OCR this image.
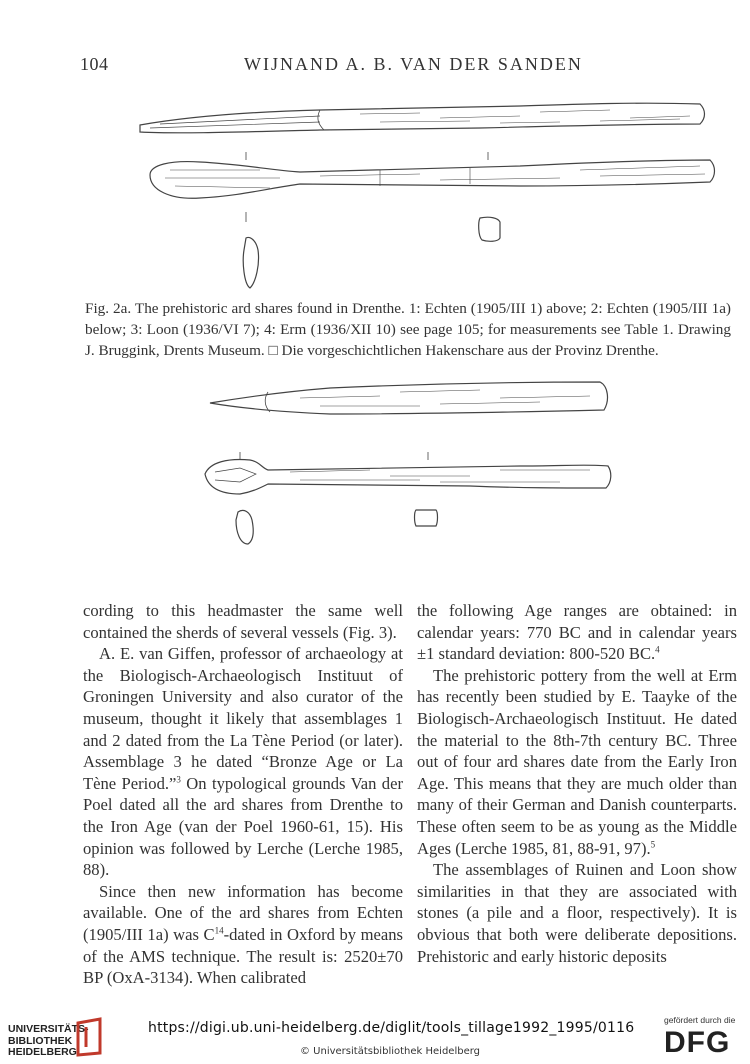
104	WIJNAND A. B. VAN DER SANDEN
Fig. 2a. The prehistoric ard shares found in Drenthe. 1: Echten (1905/III 1) above; 2: Echten (1905/III 1a) below; 3: Loon (1936/VI 7); 4: Erm (1936/XII 10) see page 105; for measurements see Table 1. Drawing J. Bruggink, Drents Museum. □ Die vorgeschichtlichen Hakenschare aus der Provinz Drenthe.

cording to this headmaster the same well contained the sherds of several vessels (Fig. 3).

A. E. van Giffen, professor of archaeology at the Biologisch-Archaeologisch Instituut of Groningen University and also curator of the museum, thought it likely that assemblages 1 and 2 dated from the La Tène Period (or later). Assemblage 3 he dated “Bronze Age or La Tène Period.”$^3$ On typological grounds Van der Poel dated all the ard shares from Drenthe to the Iron Age (van der Poel 1960-61, 15). His opinion was followed by Lerche (Lerche 1985, 88).

Since then new information has become available. One of the ard shares from Echten (1905/III 1a) was $C^{14}$-dated in Oxford by means of the AMS technique. The result is: 2520±70 BP (OxA-3134). When calibrated

the following Age ranges are obtained: in calendar years: 770 BC and in calendar years ±1 standard deviation: 800-520 BC.$^4$

The prehistoric pottery from the well at Erm has recently been studied by E. Taayke of the Biologisch-Archaeologisch Instituut. He dated the material to the 8th-7th century BC. Three out of four ard shares date from the Early Iron Age. This means that they are much older than many of their German and Danish counterparts. These often seem to be as young as the Middle Ages (Lerche 1985, 81, 88-91, 97).$^5$

The assemblages of Ruinen and Loon show similarities in that they are associated with stones (a pile and a floor, respectively). It is obvious that both were deliberate depositions. Prehistoric and early historic deposits

UNIVERSITÄTS-
BIBLIOTHEK
HEIDELBERG
https://digi.ub.uni-heidelberg.de/diglit/tools_tillage1992_1995/0116
© Universitätsbibliothek Heidelberg
gefördert durch die
DFG
